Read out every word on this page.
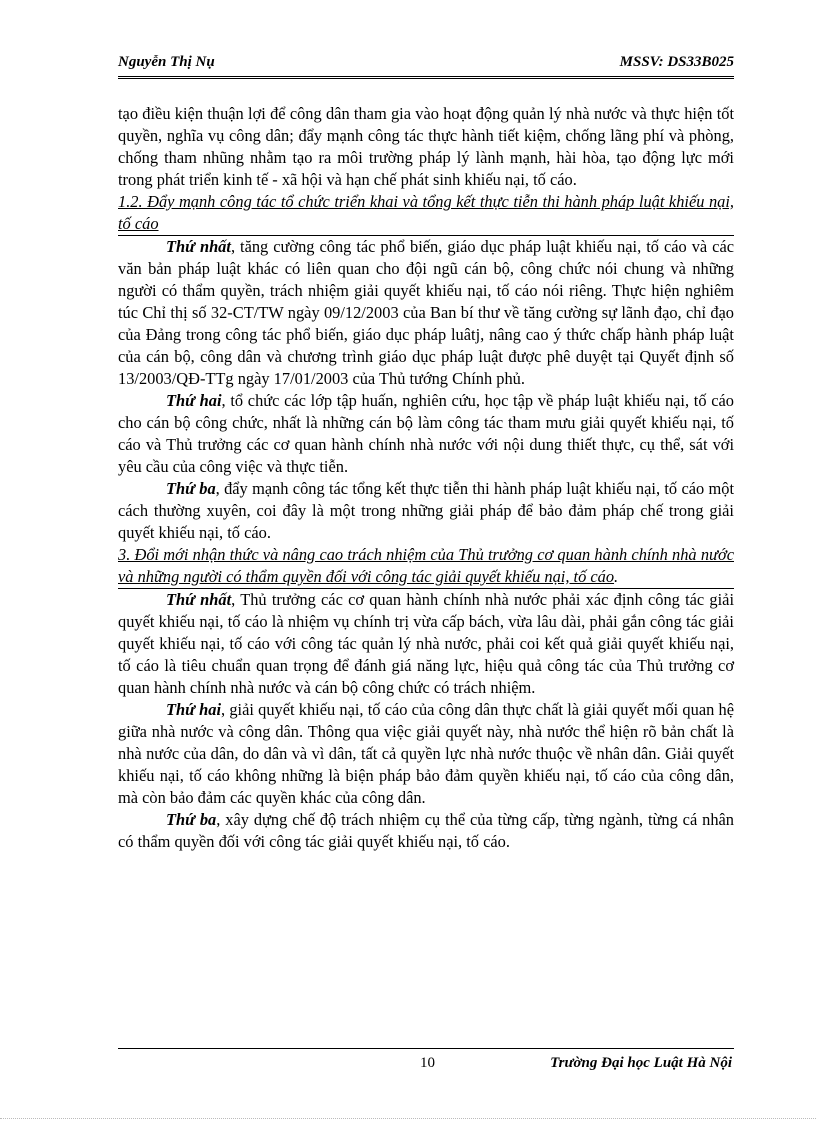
Nguyễn Thị Nụ	MSSV: DS33B025

tạo điều kiện thuận lợi để công dân tham gia vào hoạt động quản lý nhà nước và thực hiện tốt quyền, nghĩa vụ công dân; đẩy mạnh công tác thực hành tiết kiệm, chống lãng phí và phòng, chống tham nhũng nhằm tạo ra môi trường pháp lý lành mạnh, hài hòa, tạo động lực mới trong phát triển kinh tế - xã hội và hạn chế phát sinh khiếu nại, tố cáo.

1.2. Đẩy mạnh công tác tổ chức triển khai và tổng kết thực tiễn thi hành pháp luật khiếu nại, tố cáo

Thứ nhất, tăng cường công tác phổ biến, giáo dục pháp luật khiếu nại, tố cáo và các văn bản pháp luật khác có liên quan cho đội ngũ cán bộ, công chức nói chung và những người có thẩm quyền, trách nhiệm giải quyết khiếu nại, tố cáo nói riêng. Thực hiện nghiêm túc Chỉ thị số 32-CT/TW ngày 09/12/2003 của Ban bí thư về tăng cường sự lãnh đạo, chỉ đạo của Đảng trong công tác phổ biến, giáo dục pháp luâtj, nâng cao ý thức chấp hành pháp luật của cán bộ, công dân và chương trình giáo dục pháp luật được phê duyệt tại Quyết định số 13/2003/QĐ-TTg ngày 17/01/2003 của Thủ tướng Chính phủ.

Thứ hai, tổ chức các lớp tập huấn, nghiên cứu, học tập về pháp luật khiếu nại, tố cáo cho cán bộ công chức, nhất là những cán bộ làm công tác tham mưu giải quyết khiếu nại, tố cáo và Thủ trưởng các cơ quan hành chính nhà nước với nội dung thiết thực, cụ thể, sát với yêu cầu của công việc và thực tiễn.

Thứ ba, đẩy mạnh công tác tổng kết thực tiễn thi hành pháp luật khiếu nại, tố cáo một cách thường xuyên, coi đây là một trong những giải pháp để bảo đảm pháp chế trong giải quyết khiếu nại, tố cáo.

3. Đổi mới nhận thức và nâng cao trách nhiệm của Thủ trưởng cơ quan hành chính nhà nước và những người có thẩm quyền đối với công tác giải quyết khiếu nại, tố cáo.

Thứ nhất, Thủ trưởng các cơ quan hành chính nhà nước phải xác định công tác giải quyết khiếu nại, tố cáo là nhiệm vụ chính trị vừa cấp bách, vừa lâu dài, phải gắn công tác giải quyết khiếu nại, tố cáo với công tác quản lý nhà nước, phải coi kết quả giải quyết khiếu nại, tố cáo là tiêu chuẩn quan trọng để đánh giá năng lực, hiệu quả công tác của Thủ trưởng cơ quan hành chính nhà nước và cán bộ công chức có trách nhiệm.

Thứ hai, giải quyết khiếu nại, tố cáo của công dân thực chất là giải quyết mối quan hệ giữa nhà nước và công dân. Thông qua việc giải quyết này, nhà nước thể hiện rõ bản chất là nhà nước của dân, do dân và vì dân, tất cả quyền lực nhà nước thuộc về nhân dân. Giải quyết khiếu nại, tố cáo không những là biện pháp bảo đảm quyền khiếu nại, tố cáo của công dân, mà còn bảo đảm các quyền khác của công dân.

Thứ ba, xây dựng chế độ trách nhiệm cụ thể của từng cấp, từng ngành, từng cá nhân có thẩm quyền đối với công tác giải quyết khiếu nại, tố cáo.

10	Trường Đại học Luật Hà Nội
